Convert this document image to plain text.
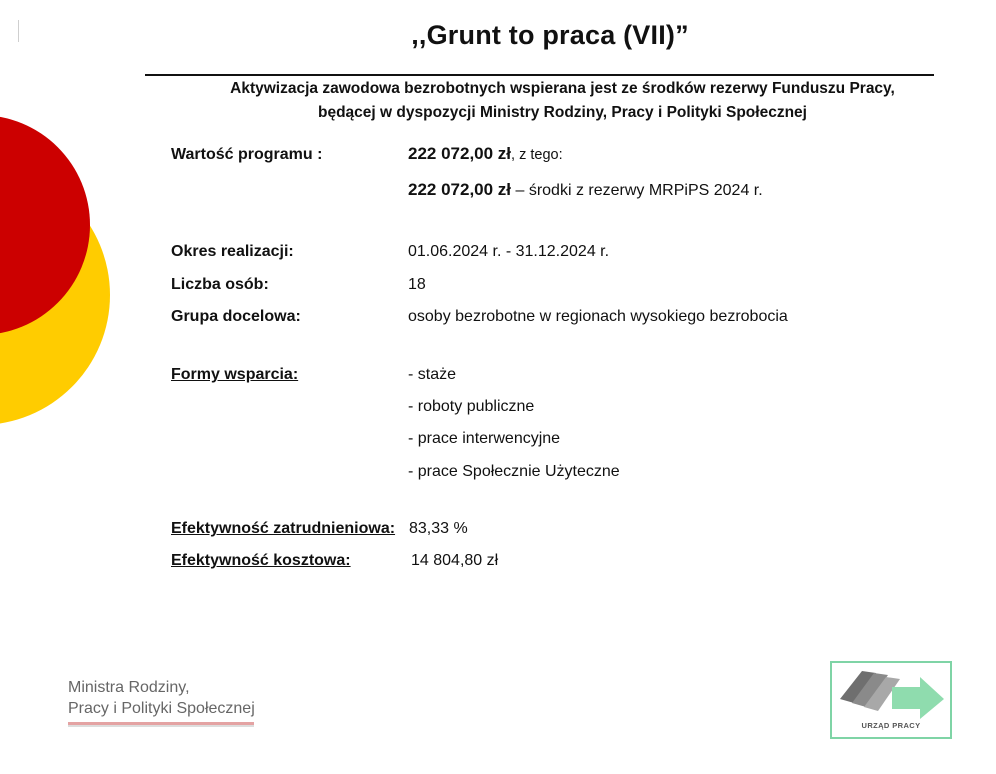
,,Grunt to praca (VII)”
Aktywizacja zawodowa bezrobotnych wspierana jest ze środków rezerwy Funduszu Pracy,
będącej w dyspozycji Ministry Rodziny, Pracy i Polityki Społecznej
Wartość programu :	222 072,00 zł, z tego:
222 072,00 zł – środki z rezerwy MRPiPS 2024 r.
Okres realizacji:	01.06.2024 r. - 31.12.2024 r.
Liczba osób:	18
Grupa docelowa:	osoby bezrobotne w regionach wysokiego bezrobocia
Formy wsparcia:	- staże
- roboty publiczne
- prace interwencyjne
- prace Społecznie Użyteczne
Efektywność zatrudnieniowa: 83,33 %
Efektywność kosztowa:	14 804,80 zł
Ministra Rodziny,
Pracy i Polityki Społecznej
URZĄD PRACY
